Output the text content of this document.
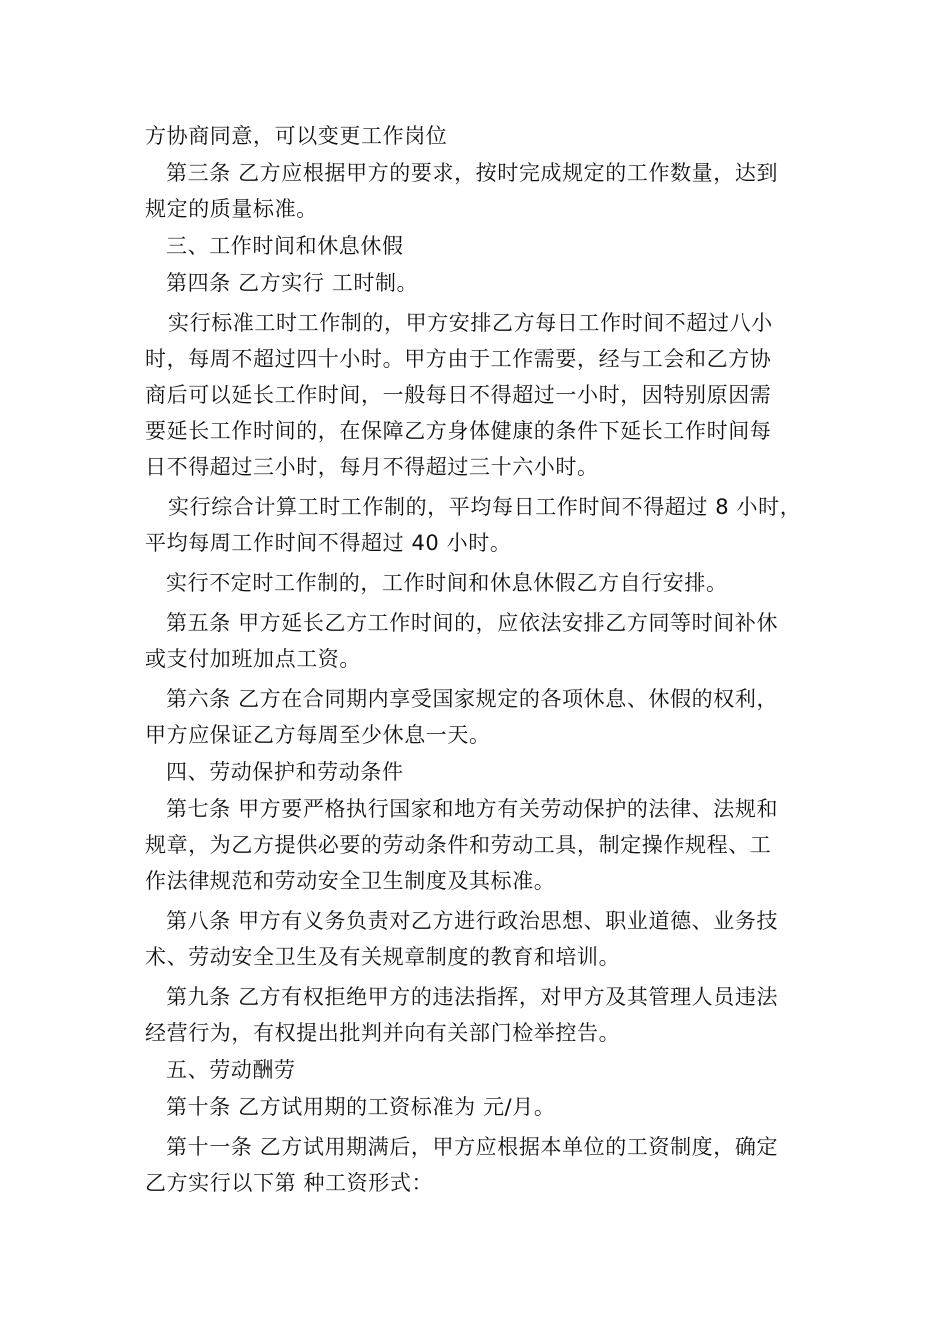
方协商同意，可以变更工作岗位
第三条 乙方应根据甲方的要求，按时完成规定的工作数量，达到
规定的质量标准。
三、工作时间和休息休假
第四条 乙方实行 工时制。
实行标准工时工作制的，甲方安排乙方每日工作时间不超过八小
时，每周不超过四十小时。甲方由于工作需要，经与工会和乙方协
商后可以延长工作时间，一般每日不得超过一小时，因特别原因需
要延长工作时间的，在保障乙方身体健康的条件下延长工作时间每
日不得超过三小时，每月不得超过三十六小时。
实行综合计算工时工作制的，平均每日工作时间不得超过 8 小时，
平均每周工作时间不得超过 40 小时。
实行不定时工作制的，工作时间和休息休假乙方自行安排。
第五条 甲方延长乙方工作时间的，应依法安排乙方同等时间补休
或支付加班加点工资。
第六条 乙方在合同期内享受国家规定的各项休息、休假的权利，
甲方应保证乙方每周至少休息一天。
四、劳动保护和劳动条件
第七条 甲方要严格执行国家和地方有关劳动保护的法律、法规和
规章，为乙方提供必要的劳动条件和劳动工具，制定操作规程、工
作法律规范和劳动安全卫生制度及其标准。
第八条 甲方有义务负责对乙方进行政治思想、职业道德、业务技
术、劳动安全卫生及有关规章制度的教育和培训。
第九条 乙方有权拒绝甲方的违法指挥，对甲方及其管理人员违法
经营行为，有权提出批判并向有关部门检举控告。
五、劳动酬劳
第十条 乙方试用期的工资标准为 元/月。
第十一条 乙方试用期满后，甲方应根据本单位的工资制度，确定
乙方实行以下第 种工资形式：
